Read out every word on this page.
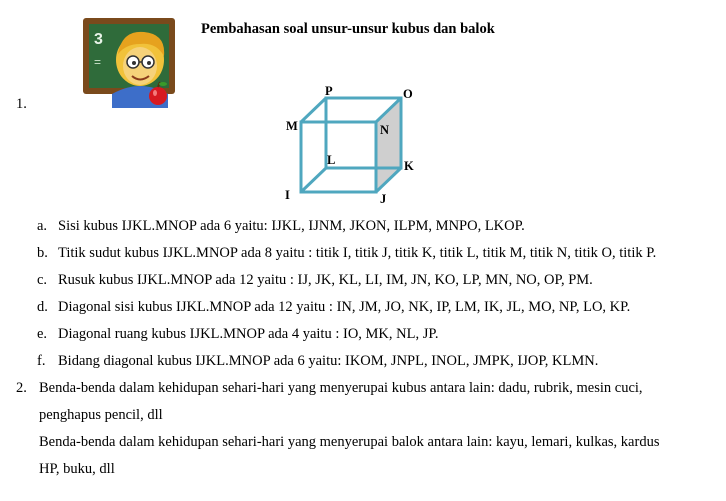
Pembahasan soal unsur-unsur kubus dan balok
3
=
1.
P	O
M	N
L	K
I	J
a. Sisi kubus IJKL.MNOP ada 6 yaitu: IJKL, IJNM, JKON, ILPM, MNPO, LKOP.
b. Titik sudut kubus IJKL.MNOP ada 8 yaitu : titik I, titik J, titik K, titik L, titik M, titik N, titik O, titik P.
c. Rusuk kubus IJKL.MNOP ada 12 yaitu : IJ, JK, KL, LI, IM, JN, KO, LP, MN, NO, OP, PM.
d. Diagonal sisi kubus IJKL.MNOP ada 12 yaitu : IN, JM, JO, NK, IP, LM, IK, JL, MO, NP, LO, KP.
e. Diagonal ruang kubus IJKL.MNOP ada 4 yaitu : IO, MK, NL, JP.
f. Bidang diagonal kubus IJKL.MNOP ada 6 yaitu: IKOM, JNPL, INOL, JMPK, IJOP, KLMN.
2. Benda-benda dalam kehidupan sehari-hari yang menyerupai kubus antara lain: dadu, rubrik, mesin cuci,
penghapus pencil, dll
Benda-benda dalam kehidupan sehari-hari yang menyerupai balok antara lain: kayu, lemari, kulkas, kardus
HP, buku, dll
